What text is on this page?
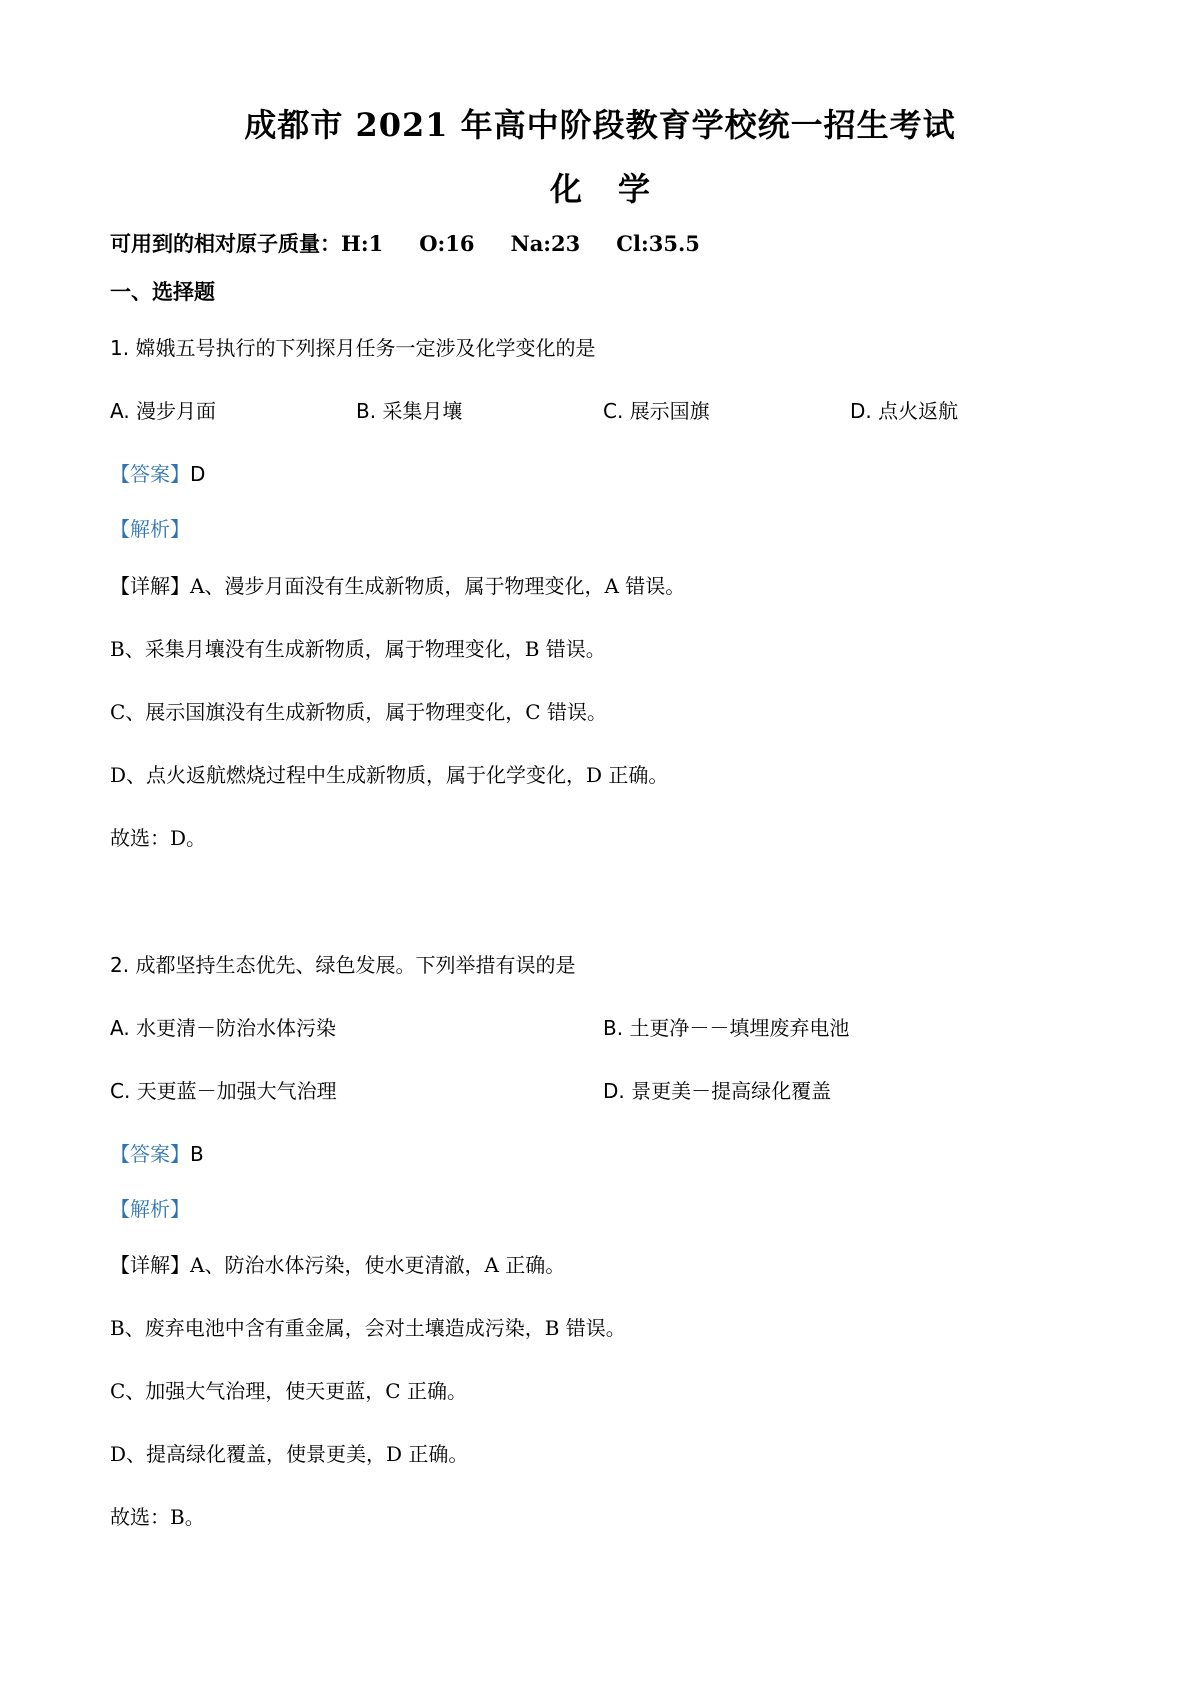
成都市 2021 年高中阶段教育学校统一招生考试
化 学
可用到的相对原子质量：H:1 O:16 Na:23 Cl:35.5
一、选择题
1. 嫦娥五号执行的下列探月任务一定涉及化学变化的是
A. 漫步月面	B. 采集月壤	C. 展示国旗	D. 点火返航
【答案】D
【解析】
【详解】A、漫步月面没有生成新物质，属于物理变化，A 错误。
B、采集月壤没有生成新物质，属于物理变化，B 错误。
C、展示国旗没有生成新物质，属于物理变化，C 错误。
D、点火返航燃烧过程中生成新物质，属于化学变化，D 正确。
故选：D。
2. 成都坚持生态优先、绿色发展。下列举措有误的是
A. 水更清－防治水体污染	B. 土更净－－填埋废弃电池
C. 天更蓝－加强大气治理	D. 景更美－提高绿化覆盖
【答案】B
【解析】
【详解】A、防治水体污染，使水更清澈，A 正确。
B、废弃电池中含有重金属，会对土壤造成污染，B 错误。
C、加强大气治理，使天更蓝，C 正确。
D、提高绿化覆盖，使景更美，D 正确。
故选：B。
